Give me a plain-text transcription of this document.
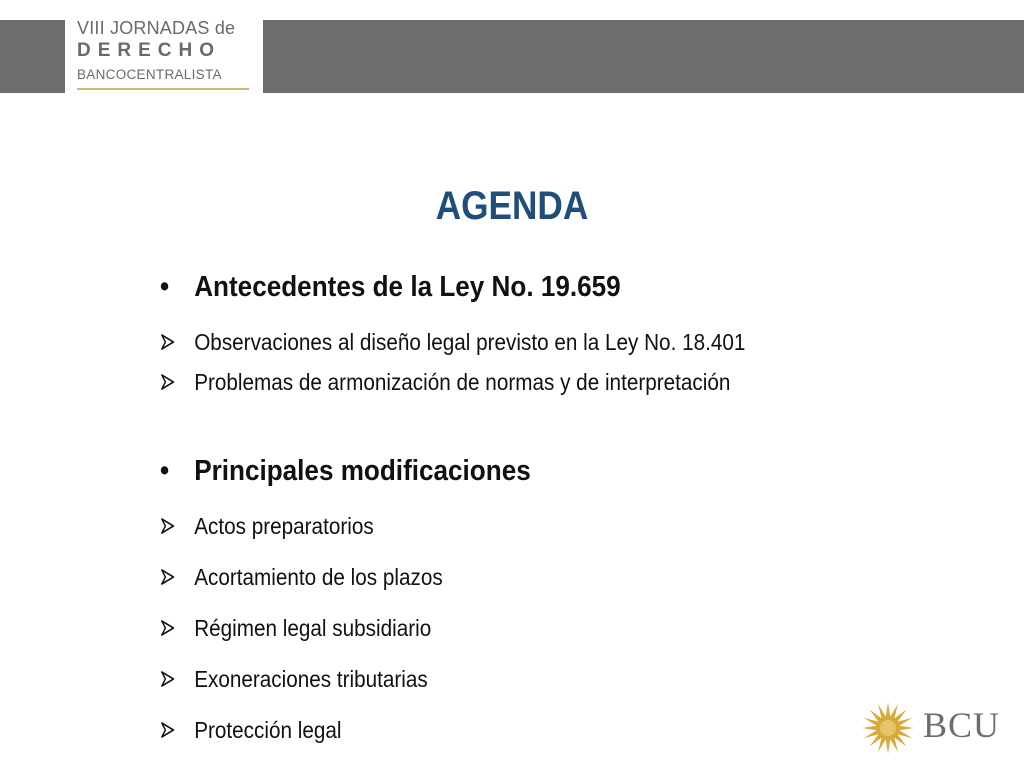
VIII JORNADAS de
DERECHO
BANCOCENTRALISTA
AGENDA
• Antecedentes de la Ley No. 19.659
Observaciones al diseño legal previsto en la Ley No. 18.401
Problemas de armonización de normas y de interpretación
• Principales modificaciones
Actos preparatorios
Acortamiento de los plazos
Régimen legal subsidiario
Exoneraciones tributarias
Protección legal	BCU
